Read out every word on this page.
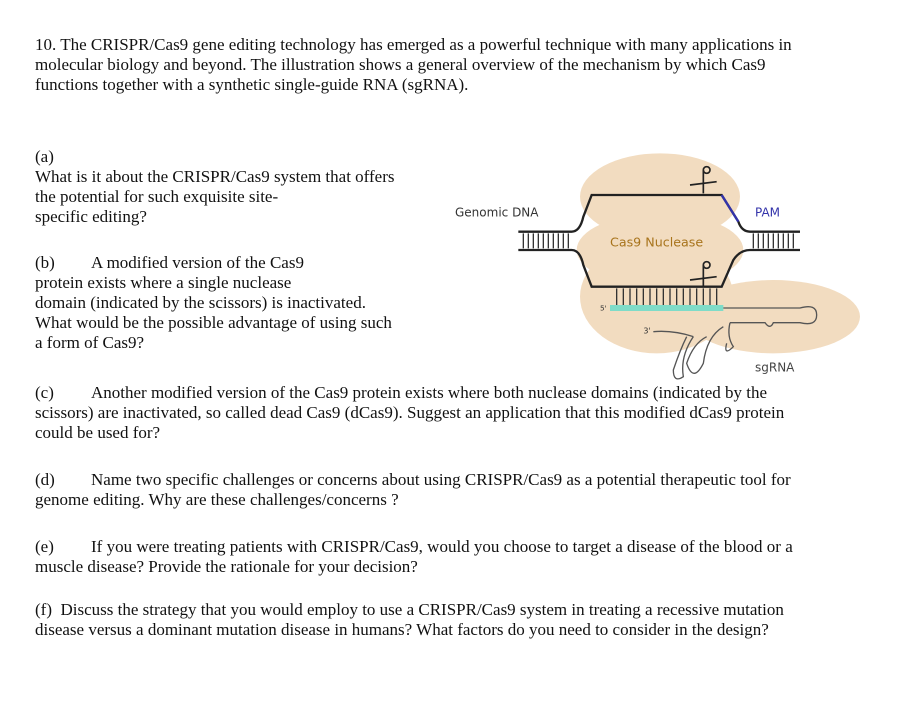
10. The CRISPR/Cas9 gene editing technology has emerged as a powerful technique with many applications in
molecular biology and beyond. The illustration shows a general overview of the mechanism by which Cas9
functions together with a synthetic single-guide RNA (sgRNA).
(a)
What is it about the CRISPR/Cas9 system that offers
the potential for such exquisite site-
specific editing?
(b) A modified version of the Cas9
protein exists where a single nuclease
domain (indicated by the scissors) is inactivated.
What would be the possible advantage of using such
a form of Cas9?
(c) Another modified version of the Cas9 protein exists where both nuclease domains (indicated by the
scissors) are inactivated, so called dead Cas9 (dCas9). Suggest an application that this modified dCas9 protein
could be used for?
(d) Name two specific challenges or concerns about using CRISPR/Cas9 as a potential therapeutic tool for
genome editing. Why are these challenges/concerns ?
(e) If you were treating patients with CRISPR/Cas9, would you choose to target a disease of the blood or a
muscle disease? Provide the rationale for your decision?
(f) Discuss the strategy that you would employ to use a CRISPR/Cas9 system in treating a recessive mutation
disease versus a dominant mutation disease in humans? What factors do you need to consider in the design?
Genomic DNA	PAM
Cas9 Nuclease
5'
3'
sgRNA
